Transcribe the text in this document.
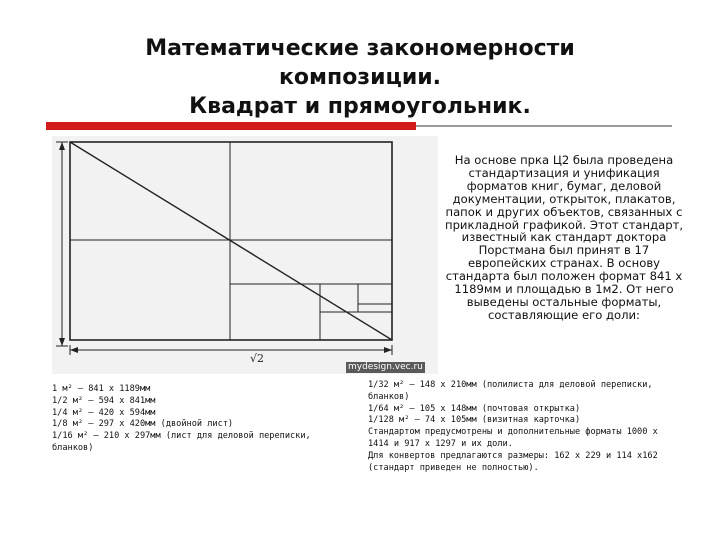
Математические закономерности
композиции.
Квадрат и прямоугольник.
√2
mydesign.vec.ru
На основе прка Ц2 была проведена стандартизация и унификация форматов книг, бумаг, деловой документации, открыток, плакатов, папок и других объектов, связанных с прикладной графикой. Этот стандарт, известный как стандарт доктора Порстмана был принят в 17 европейских странах. В основу стандарта был положен формат 841 х 1189мм и площадью в 1м2. От него выведены остальные форматы, составляющие его доли:
1 м² — 841 х 1189мм
1/2 м² — 594 х 841мм
1/4 м² — 420 х 594мм
1/8 м² — 297 х 420мм (двойной лист)
1/16 м² — 210 х 297мм (лист для деловой переписки, бланков)
1/32 м² — 148 х 210мм (полилиста для деловой переписки, бланков)
1/64 м² — 105 х 148мм (почтовая открытка)
1/128 м² — 74 х 105мм (визитная карточка)
Стандартом предусмотрены и дополнительные форматы 1000 х 1414 и 917 х 1297 и их доли.
Для конвертов предлагаются размеры: 162 х 229 и 114 х162 (стандарт приведен не полностью).
